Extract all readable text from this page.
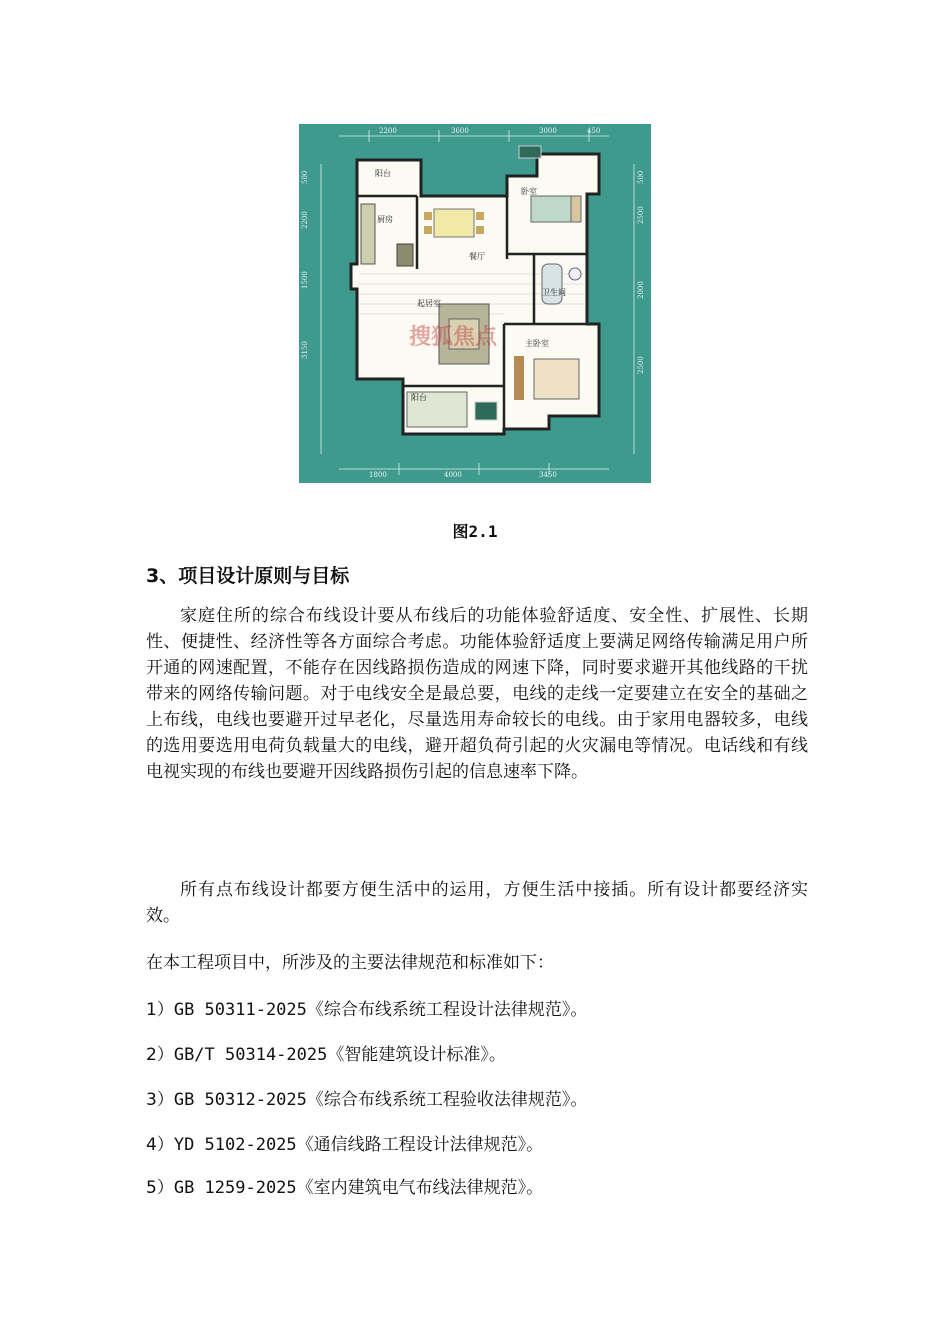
2200	3600	3000	450
1800	4000	3450
500
2200
1500
3150
500
2500
2000
2500
阳台
厨房
餐厅
卧室
卫生间
起居室
主卧室
阳台
搜狐焦点
图2.1
3、项目设计原则与目标

家庭住所的综合布线设计要从布线后的功能体验舒适度、安全性、扩展性、长期性、便捷性、经济性等各方面综合考虑。功能体验舒适度上要满足网络传输满足用户所开通的网速配置，不能存在因线路损伤造成的网速下降，同时要求避开其他线路的干扰带来的网络传输问题。对于电线安全是最总要，电线的走线一定要建立在安全的基础之上布线，电线也要避开过早老化，尽量选用寿命较长的电线。由于家用电器较多，电线的选用要选用电荷负载量大的电线，避开超负荷引起的火灾漏电等情况。电话线和有线电视实现的布线也要避开因线路损伤引起的信息速率下降。

所有点布线设计都要方便生活中的运用，方便生活中接插。所有设计都要经济实效。

在本工程项目中，所涉及的主要法律规范和标准如下：

1）GB 50311-2025《综合布线系统工程设计法律规范》。
2）GB/T 50314-2025《智能建筑设计标准》。
3）GB 50312-2025《综合布线系统工程验收法律规范》。
4）YD 5102-2025《通信线路工程设计法律规范》。
5）GB 1259-2025《室内建筑电气布线法律规范》。
